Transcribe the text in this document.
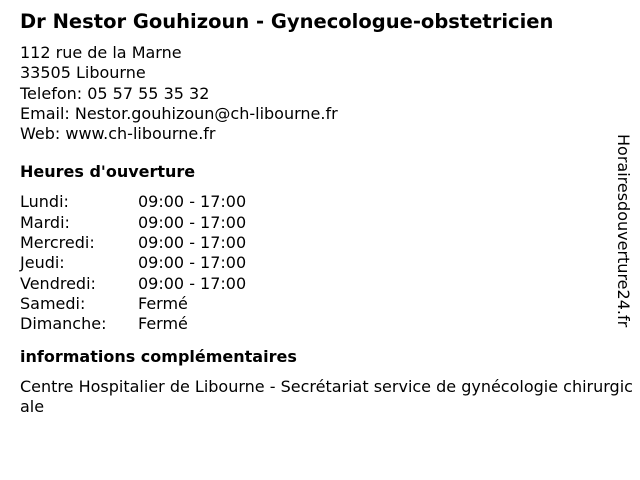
Dr Nestor Gouhizoun - Gynecologue-obstetricien
112 rue de la Marne
33505 Libourne
Telefon: 05 57 55 35 32
Email: Nestor.gouhizoun@ch-libourne.fr
Web: www.ch-libourne.fr
Heures d'ouverture
Lundi:	09:00 - 17:00
Mardi:	09:00 - 17:00
Mercredi:	09:00 - 17:00
Jeudi:	09:00 - 17:00
Vendredi:	09:00 - 17:00
Samedi:	Fermé
Dimanche:	Fermé
informations complémentaires
Centre Hospitalier de Libourne - Secrétariat service de gynécologie chirurgicale
Horairesdouverture24.fr
